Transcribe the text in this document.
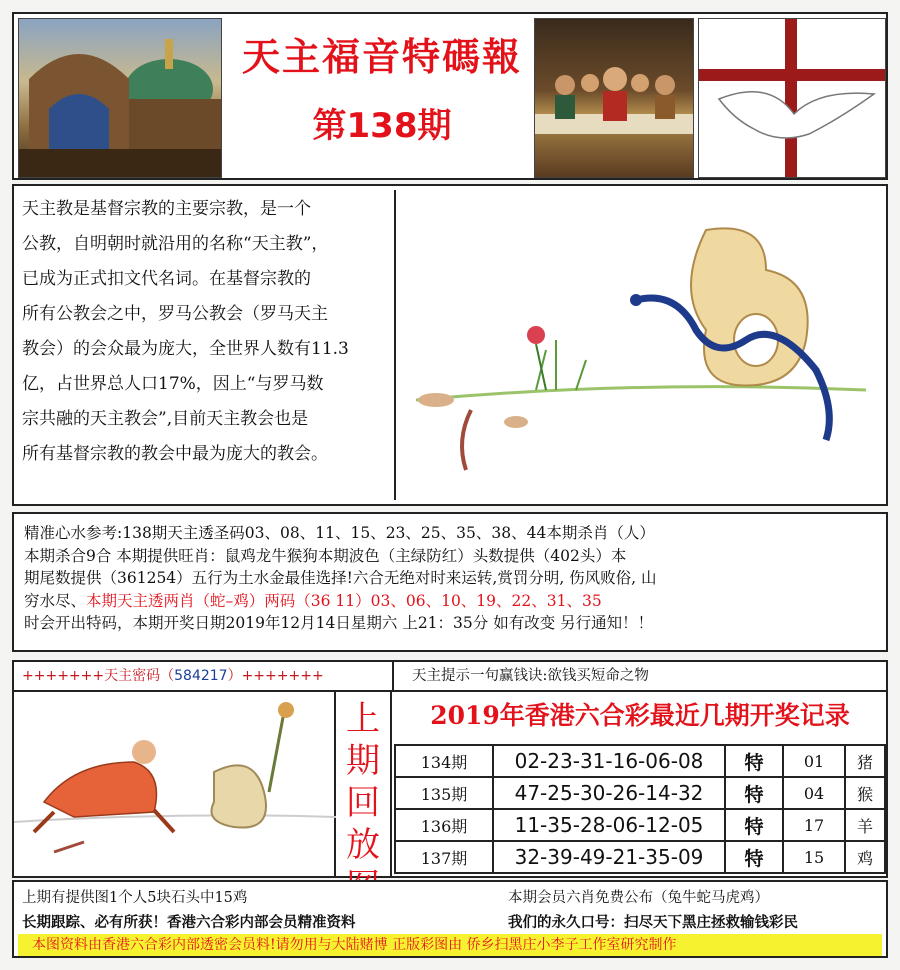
天主福音特碼報
第138期

天主教是基督宗教的主要宗教，是一个

公教，自明朝时就沿用的名称“天主教”，

已成为正式扣文代名词。在基督宗教的

所有公教会之中，罗马公教会（罗马天主

教会）的会众最为庞大，全世界人数有11.3

亿，占世界总人口17%，因上“与罗马数

宗共融的天主教会”,目前天主教会也是

所有基督宗教的教会中最为庞大的教会。

精准心水参考:138期天主透圣码03、08、11、15、23、25、35、38、44本期杀肖（人）

本期杀合9合 本期提供旺肖：鼠鸡龙牛猴狗本期波色（主绿防红）头数提供（402头）本

期尾数提供（361254）五行为土水金最佳选择!六合无绝对时来运转,赏罚分明, 伤风败俗, 山

穷水尽、本期天主透两肖（蛇–鸡）两码（36 11）03、06、10、19、22、31、35

时会开出特码，本期开奖日期2019年12月14日星期六 上21：35分 如有改变 另行通知！！

+++++++天主密码（584217）+++++++	天主提示一句赢钱诀:欲钱买短命之物
上
期
回
放
2019年香港六合彩最近几期开奖记录
134期	02-23-31-16-06-08	特	01	猪
135期	47-25-30-26-14-32	特	04	猴
136期	11-35-28-06-12-05	特	17	羊
137期	32-39-49-21-35-09	特	15	鸡
上期有提供图1个人5块石头中15鸡	本期会员六肖免费公布（兔牛蛇马虎鸡）
长期跟踪、必有所获！香港六合彩内部会员精准资料	我们的永久口号：扫尽天下黑庄拯救输钱彩民
本图资料由香港六合彩内部透密会员料!请勿用与大陆赌博 正版彩图由 侨乡扫黑庄小李子工作室研究制作
